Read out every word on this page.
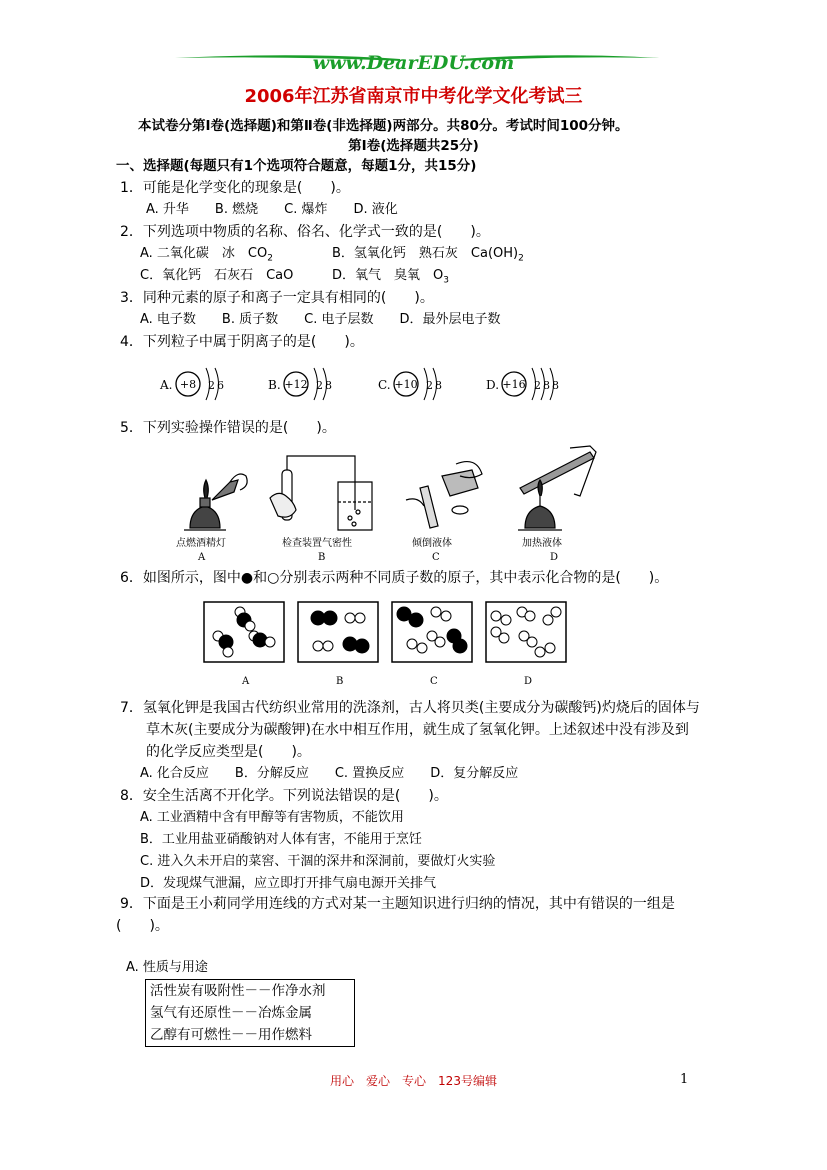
www.DearEDU.com
2006年江苏省南京市中考化学文化考试三
本试卷分第Ⅰ卷(选择题)和第Ⅱ卷(非选择题)两部分。共80分。考试时间100分钟。
第Ⅰ卷(选择题共25分)
一、选择题(每题只有1个选项符合题意，每题1分，共15分)
1．可能是化学变化的现象是(　　)。
A. 升华　　B. 燃烧　　C. 爆炸　　D. 液化
2．下列选项中物质的名称、俗名、化学式一致的是(　　)。
A. 二氧化碳　冰　$CO_2$	B．氢氧化钙　熟石灰　$Ca(OH)_2$
C．氧化钙　石灰石　CaO	D．氧气　臭氧　$O_3$
3．同种元素的原子和离子一定具有相同的(　　)。
A. 电子数　　B. 质子数　　C. 电子层数　　D．最外层电子数
4．下列粒子中属于阴离子的是(　　)。
A. +8 2 6	B. +12 2 8	C. +10 2 8	D. +16 2 8 8
5．下列实验操作错误的是(　　)。
点燃酒精灯	检查装置气密性	倾倒液体	加热液体
A	B	C	D
6．如图所示，图中●和○分别表示两种不同质子数的原子，其中表示化合物的是(　　)。
A	B	C	D
7．氢氧化钾是我国古代纺织业常用的洗涤剂，古人将贝类(主要成分为碳酸钙)灼烧后的固体与
草木灰(主要成分为碳酸钾)在水中相互作用，就生成了氢氧化钾。上述叙述中没有涉及到
的化学反应类型是(　　)。
A. 化合反应　　B．分解反应　　C. 置换反应　　D．复分解反应
8．安全生活离不开化学。下列说法错误的是(　　)。
A. 工业酒精中含有甲醇等有害物质，不能饮用
B．工业用盐亚硝酸钠对人体有害，不能用于烹饪
C. 进入久未开启的菜窖、干涸的深井和深洞前，要做灯火实验
D．发现煤气泄漏，应立即打开排气扇电源开关排气
9．下面是王小莉同学用连线的方式对某一主题知识进行归纳的情况，其中有错误的一组是
(　　)。
A. 性质与用途
活性炭有吸附性－－作净水剂
氢气有还原性－－冶炼金属
乙醇有可燃性－－用作燃料
用心　爱心　专心　123号编辑	1
